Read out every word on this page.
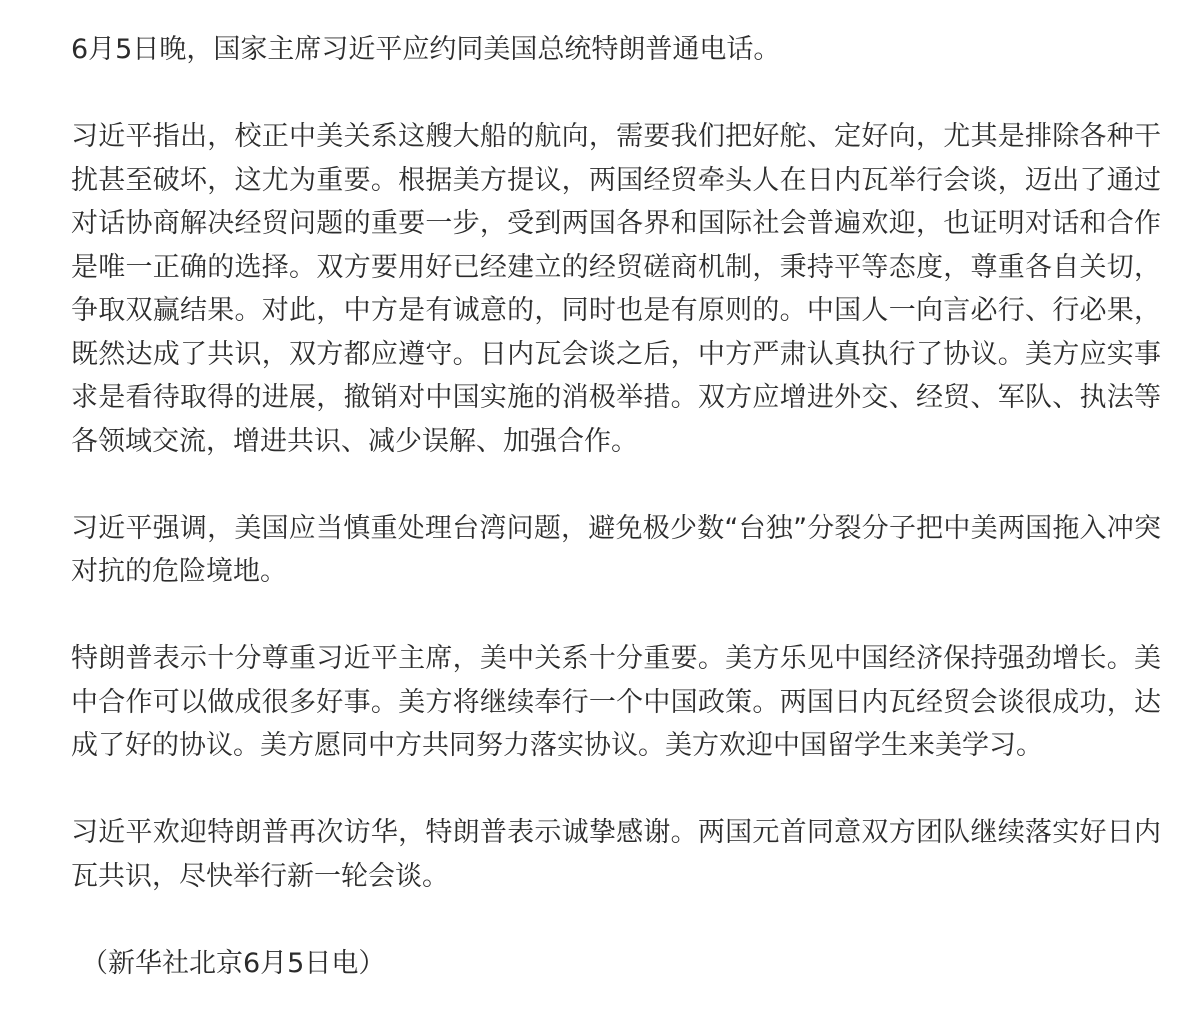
6月5日晚，国家主席习近平应约同美国总统特朗普通电话。

习近平指出，校正中美关系这艘大船的航向，需要我们把好舵、定好向，尤其是排除各种干扰甚至破坏，这尤为重要。根据美方提议，两国经贸牵头人在日内瓦举行会谈，迈出了通过对话协商解决经贸问题的重要一步，受到两国各界和国际社会普遍欢迎，也证明对话和合作是唯一正确的选择。双方要用好已经建立的经贸磋商机制，秉持平等态度，尊重各自关切，争取双赢结果。对此，中方是有诚意的，同时也是有原则的。中国人一向言必行、行必果，既然达成了共识，双方都应遵守。日内瓦会谈之后，中方严肃认真执行了协议。美方应实事求是看待取得的进展，撤销对中国实施的消极举措。双方应增进外交、经贸、军队、执法等各领域交流，增进共识、减少误解、加强合作。

习近平强调，美国应当慎重处理台湾问题，避免极少数“台独”分裂分子把中美两国拖入冲突对抗的危险境地。

特朗普表示十分尊重习近平主席，美中关系十分重要。美方乐见中国经济保持强劲增长。美中合作可以做成很多好事。美方将继续奉行一个中国政策。两国日内瓦经贸会谈很成功，达成了好的协议。美方愿同中方共同努力落实协议。美方欢迎中国留学生来美学习。

习近平欢迎特朗普再次访华，特朗普表示诚挚感谢。两国元首同意双方团队继续落实好日内瓦共识，尽快举行新一轮会谈。

（新华社北京6月5日电）
